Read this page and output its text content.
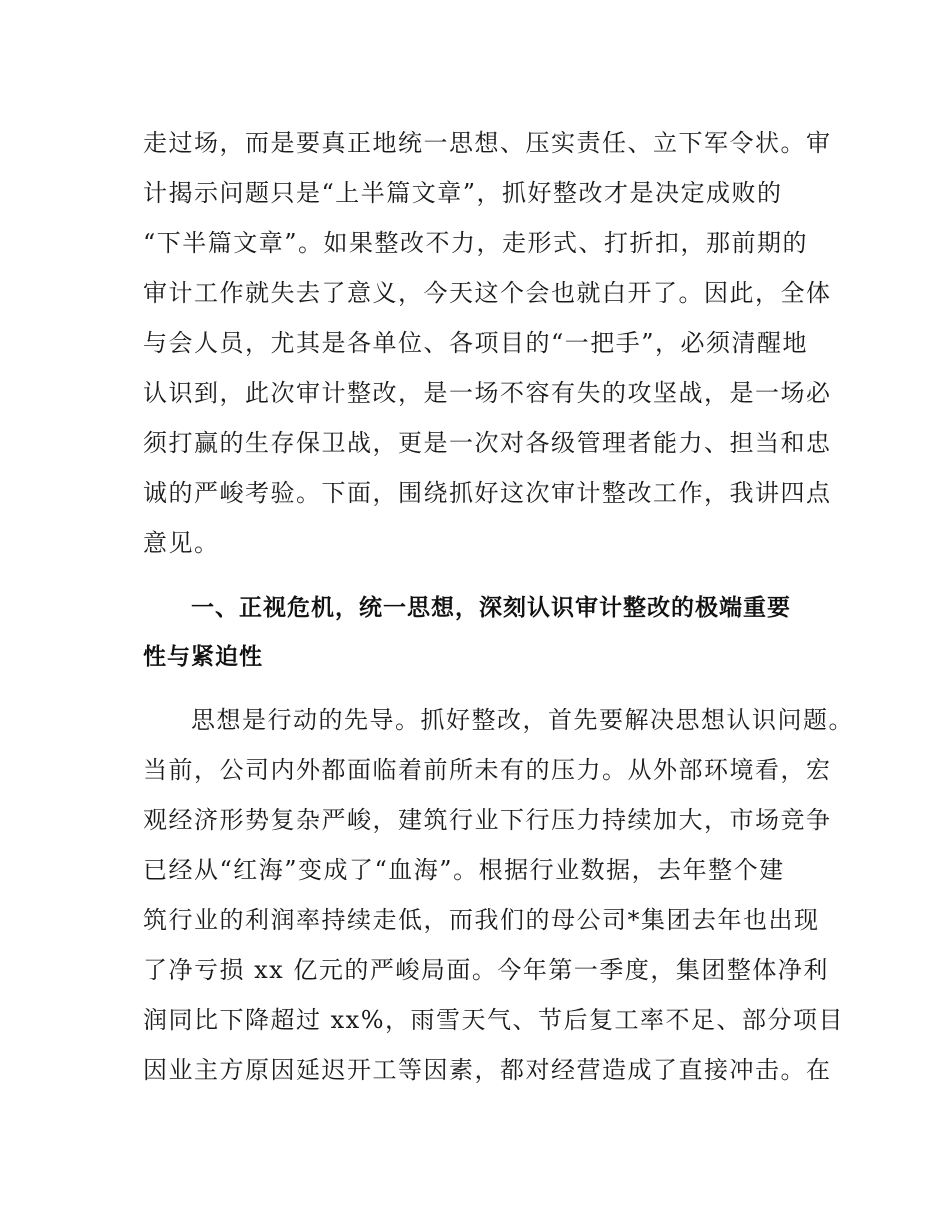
走过场，而是要真正地统一思想、压实责任、立下军令状。审
计揭示问题只是“上半篇文章”，抓好整改才是决定成败的
“下半篇文章”。如果整改不力，走形式、打折扣，那前期的
审计工作就失去了意义，今天这个会也就白开了。因此，全体
与会人员，尤其是各单位、各项目的“一把手”，必须清醒地
认识到，此次审计整改，是一场不容有失的攻坚战，是一场必
须打赢的生存保卫战，更是一次对各级管理者能力、担当和忠
诚的严峻考验。下面，围绕抓好这次审计整改工作，我讲四点
意见。
一、正视危机，统一思想，深刻认识审计整改的极端重要
性与紧迫性
思想是行动的先导。抓好整改，首先要解决思想认识问题。
当前，公司内外都面临着前所未有的压力。从外部环境看，宏
观经济形势复杂严峻，建筑行业下行压力持续加大，市场竞争
已经从“红海”变成了“血海”。根据行业数据，去年整个建
筑行业的利润率持续走低，而我们的母公司*集团去年也出现
了净亏损 xx 亿元的严峻局面。今年第一季度，集团整体净利
润同比下降超过 xx%，雨雪天气、节后复工率不足、部分项目
因业主方原因延迟开工等因素，都对经营造成了直接冲击。在
